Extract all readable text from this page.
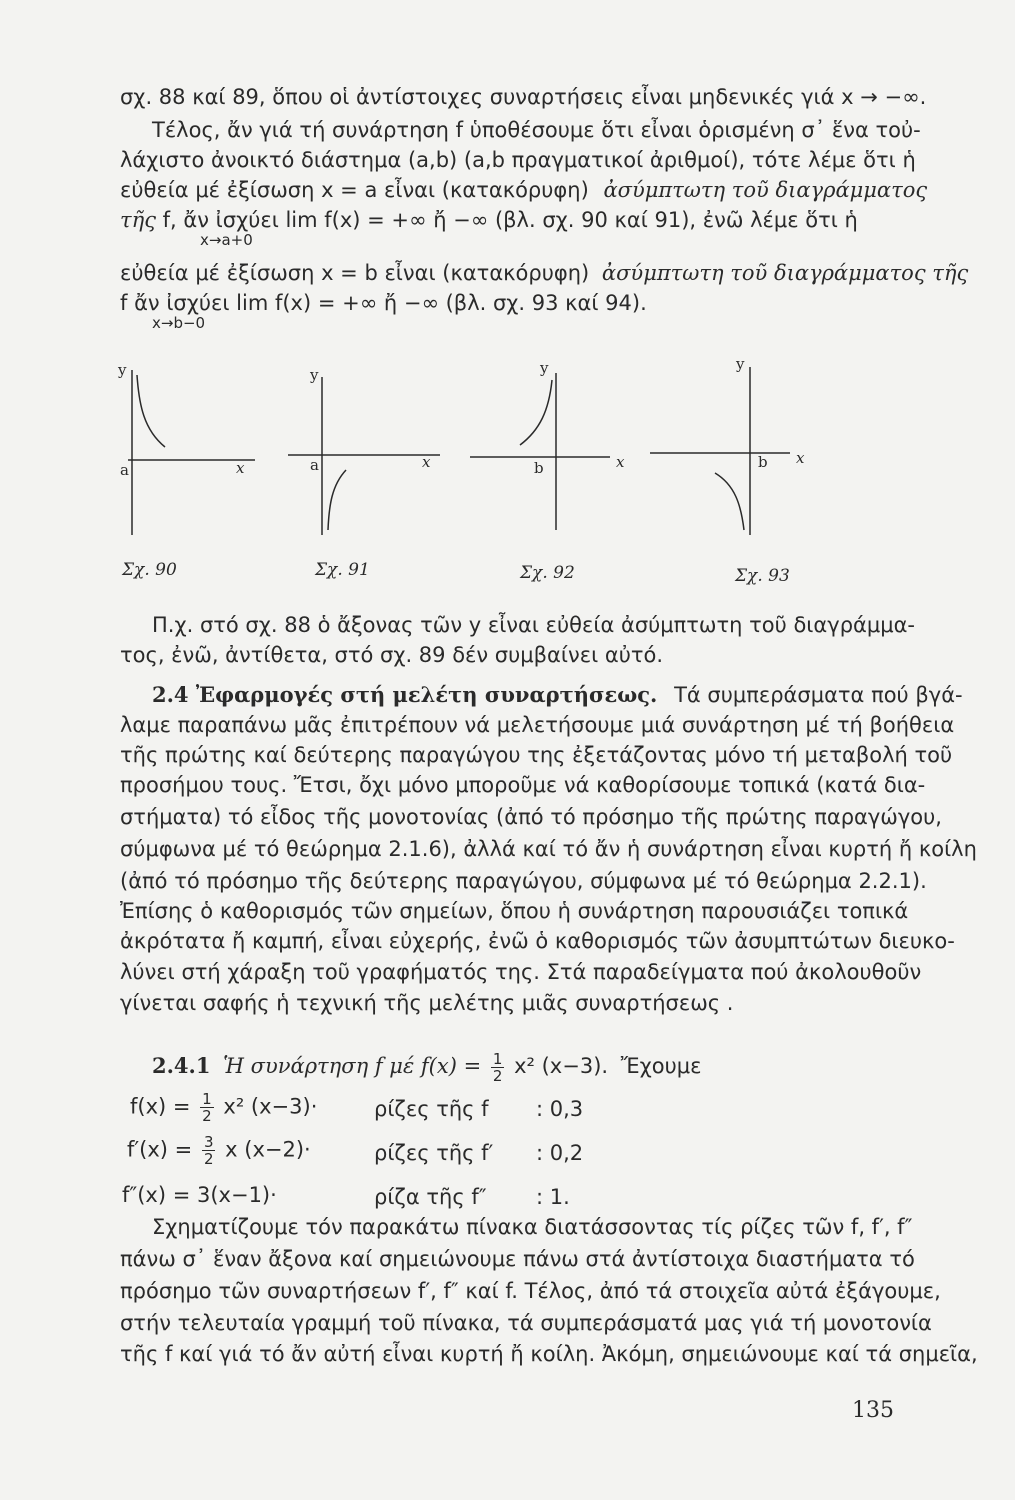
σχ. 88 καί 89, ὅπου οἱ ἀντίστοιχες συναρτήσεις εἶναι μηδενικές γιά x → −∞.
Τέλος, ἄν γιά τή συνάρτηση f ὑποθέσουμε ὅτι εἶναι ὁρισμένη σ᾽ ἕνα τοὐ-
λάχιστο ἀνοικτό διάστημα (a,b) (a,b πραγματικοί ἀριθμοί), τότε λέμε ὅτι ἡ
εὐθεία μέ ἐξίσωση x = a εἶναι (κατακόρυφη) ἀσύμπτωτη τοῦ διαγράμματος
τῆς f, ἄν ἰσχύει lim f(x) = +∞ ἤ −∞ (βλ. σχ. 90 καί 91), ἐνῶ λέμε ὅτι ἡ
x→a+0
εὐθεία μέ ἐξίσωση x = b εἶναι (κατακόρυφη) ἀσύμπτωτη τοῦ διαγράμματος τῆς
f ἄν ἰσχύει lim f(x) = +∞ ἤ −∞ (βλ. σχ. 93 καί 94).
x→b−0
y
x
a
y
x
a
y
x
b
y
x
b
Σχ. 90	Σχ. 91	Σχ. 92	Σχ. 93
Π.χ. στό σχ. 88 ὁ ἄξονας τῶν y εἶναι εὐθεία ἀσύμπτωτη τοῦ διαγράμμα-
τος, ἐνῶ, ἀντίθετα, στό σχ. 89 δέν συμβαίνει αὐτό.
2.4 Ἐφαρμογές στή μελέτη συναρτήσεως. Τά συμπεράσματα πού βγά-
λαμε παραπάνω μᾶς ἐπιτρέπουν νά μελετήσουμε μιά συνάρτηση μέ τή βοήθεια
τῆς πρώτης καί δεύτερης παραγώγου της ἐξετάζοντας μόνο τή μεταβολή τοῦ
προσήμου τους. Ἔτσι, ὄχι μόνο μποροῦμε νά καθορίσουμε τοπικά (κατά δια-
στήματα) τό εἶδος τῆς μονοτονίας (ἀπό τό πρόσημο τῆς πρώτης παραγώγου,
σύμφωνα μέ τό θεώρημα 2.1.6), ἀλλά καί τό ἄν ἡ συνάρτηση εἶναι κυρτή ἤ κοίλη
(ἀπό τό πρόσημο τῆς δεύτερης παραγώγου, σύμφωνα μέ τό θεώρημα 2.2.1).
Ἐπίσης ὁ καθορισμός τῶν σημείων, ὅπου ἡ συνάρτηση παρουσιάζει τοπικά
ἀκρότατα ἤ καμπή, εἶναι εὐχερής, ἐνῶ ὁ καθορισμός τῶν ἀσυμπτώτων διευκο-
λύνει στή χάραξη τοῦ γραφήματός της. Στά παραδείγματα πού ἀκολουθοῦν
γίνεται σαφής ἡ τεχνική τῆς μελέτης μιᾶς συναρτήσεως .
2.4.1 Ἡ συνάρτηση f μέ $f(x) = \frac{1}{2} x^2$ (x−3). Ἔχουμε
$f(x) = \frac{1}{2} x^2$ (x−3)·	ρίζες τῆς f : 0,3
$f'(x) = \frac{3}{2}$ x (x−2)·	ρίζες τῆς f′ : 0,2
f″(x) = 3(x−1)·	ρίζα τῆς f″ : 1.
Σχηματίζουμε τόν παρακάτω πίνακα διατάσσοντας τίς ρίζες τῶν f, f′, f″
πάνω σ᾽ ἕναν ἄξονα καί σημειώνουμε πάνω στά ἀντίστοιχα διαστήματα τό
πρόσημο τῶν συναρτήσεων f′, f″ καί f. Τέλος, ἀπό τά στοιχεῖα αὐτά ἐξάγουμε,
στήν τελευταία γραμμή τοῦ πίνακα, τά συμπεράσματά μας γιά τή μονοτονία
τῆς f καί γιά τό ἄν αὐτή εἶναι κυρτή ἤ κοίλη. Ἀκόμη, σημειώνουμε καί τά σημεῖα,
135
